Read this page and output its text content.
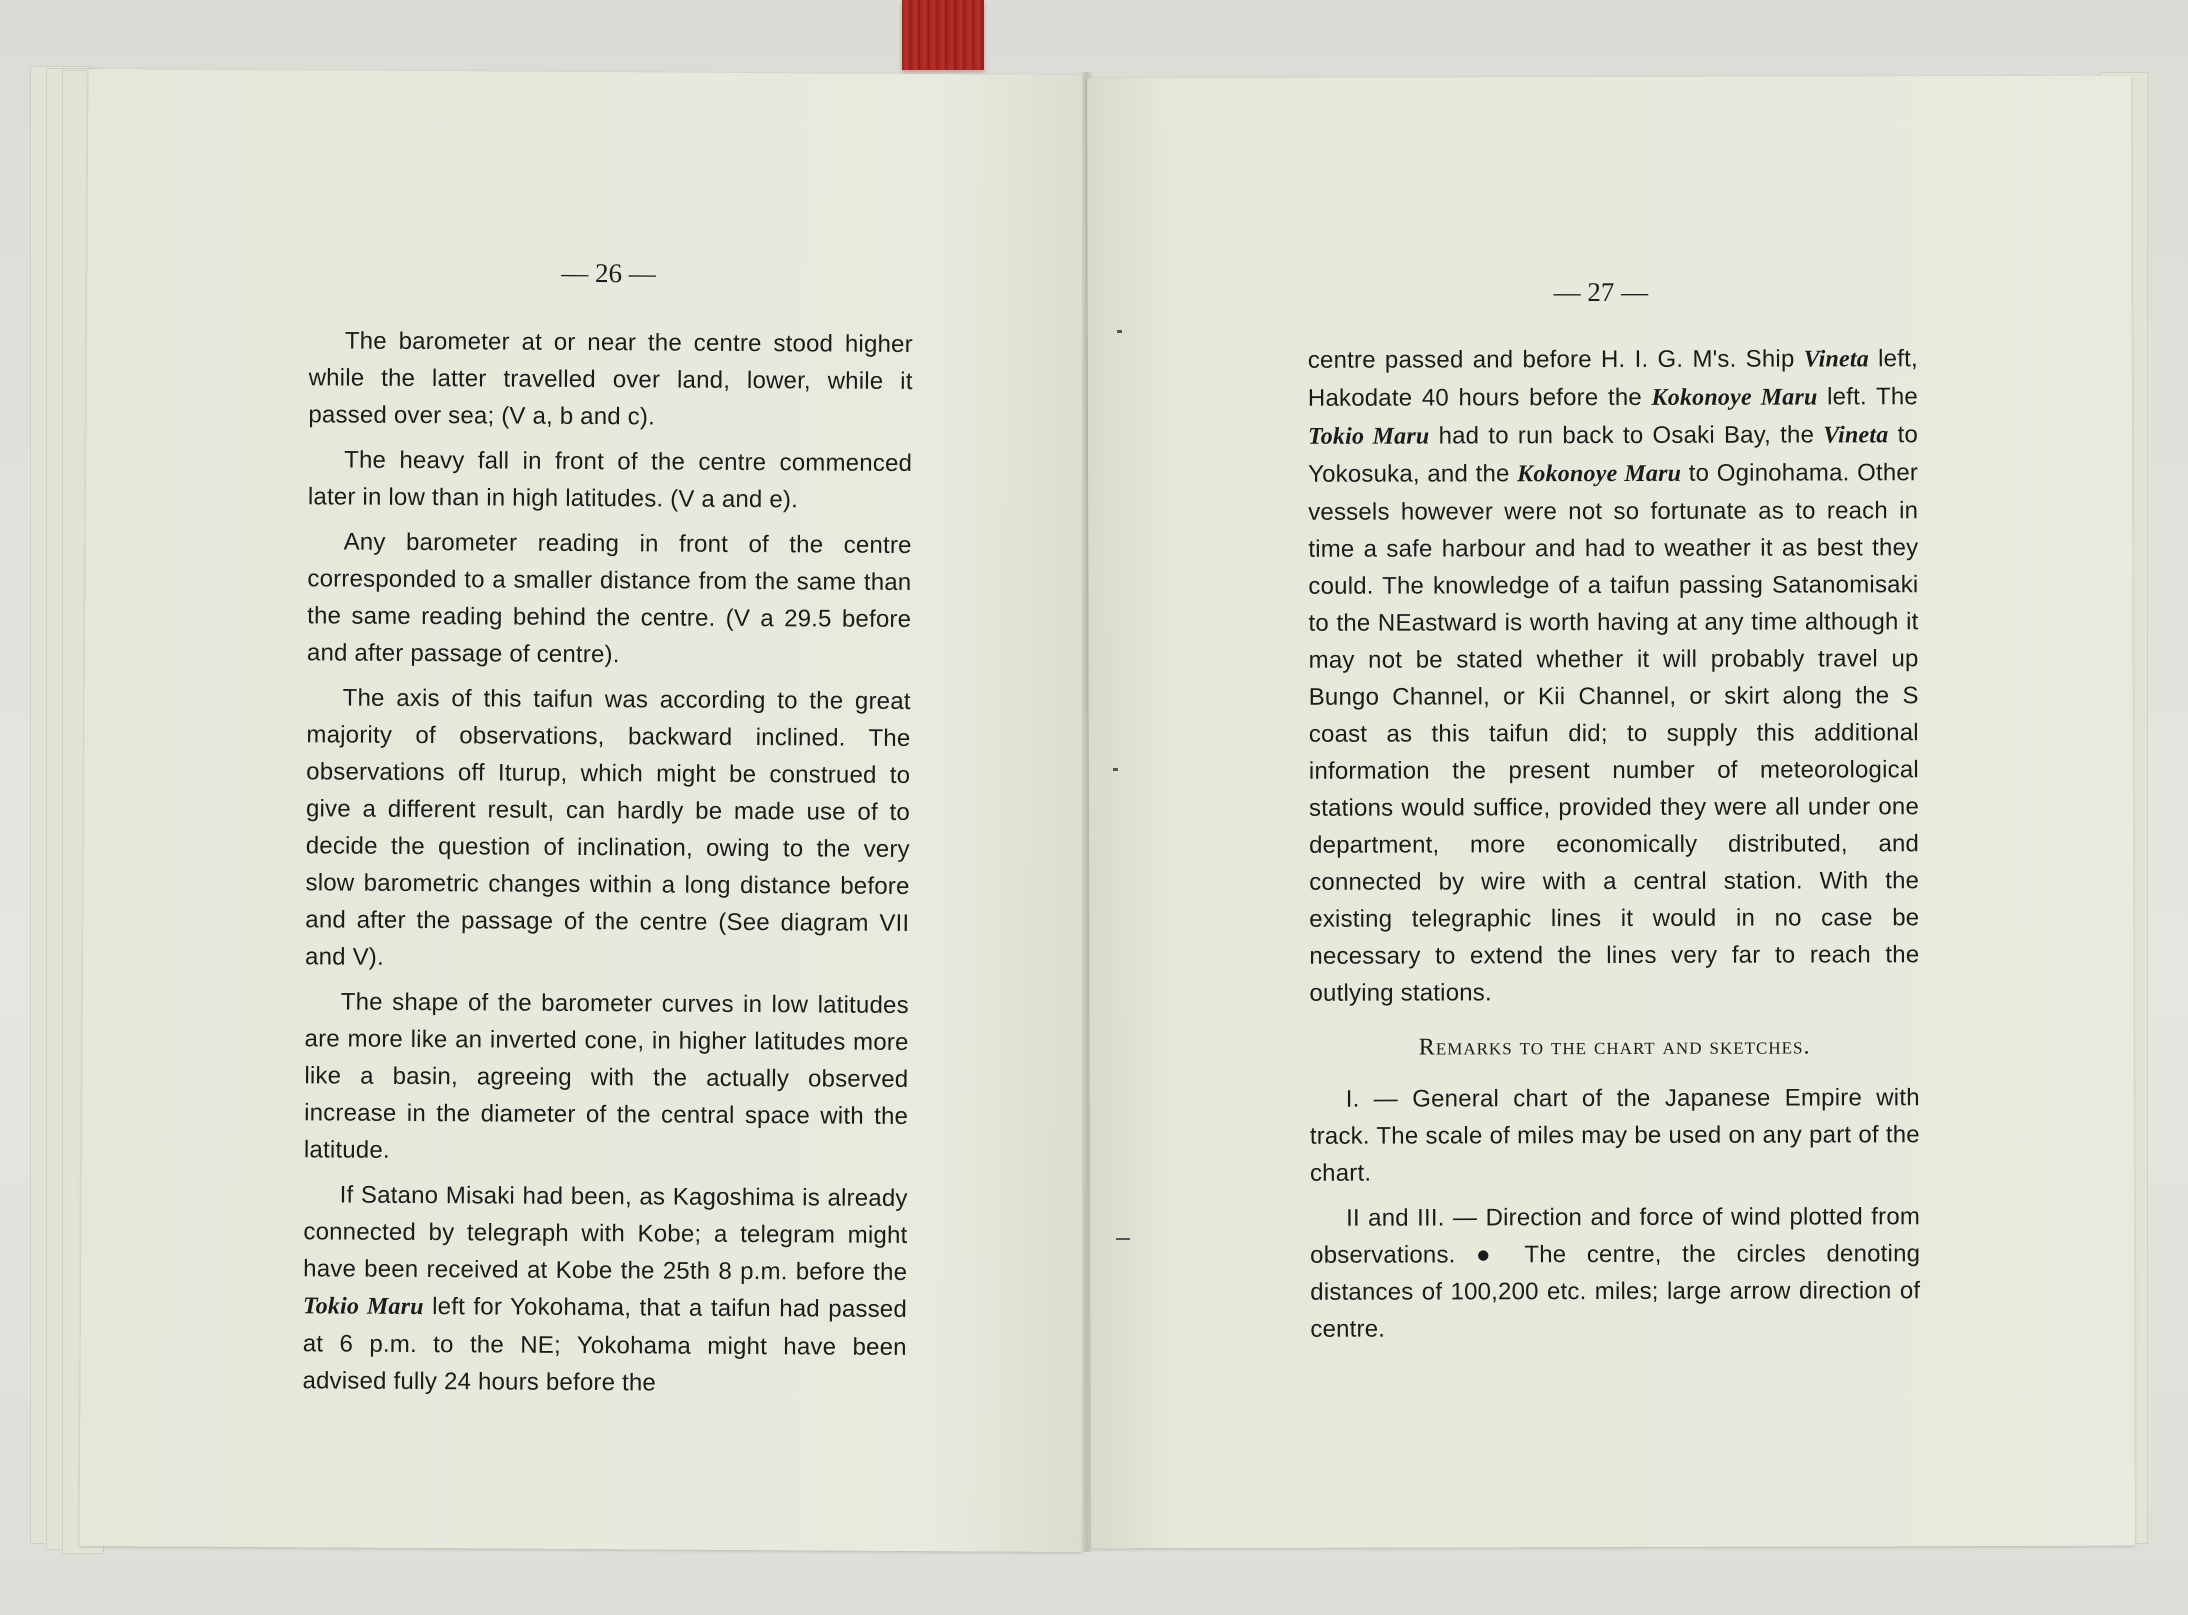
— 26 —

The barometer at or near the centre stood higher while the latter travelled over land, lower, while it passed over sea; (V a, b and c).

The heavy fall in front of the centre commenced later in low than in high latitudes. (V a and e).

Any barometer reading in front of the centre corresponded to a smaller distance from the same than the same reading behind the centre. (V a 29.5 before and after passage of centre).

The axis of this taifun was according to the great majority of observations, backward inclined. The observations off Iturup, which might be construed to give a different result, can hardly be made use of to decide the question of inclination, owing to the very slow barometric changes within a long distance before and after the passage of the centre (See diagram VII and V).

The shape of the barometer curves in low latitudes are more like an inverted cone, in higher latitudes more like a basin, agreeing with the actually observed increase in the diameter of the central space with the latitude.

If Satano Misaki had been, as Kagoshima is already connected by telegraph with Kobe; a telegram might have been received at Kobe the 25th 8 p.m. before the Tokio Maru left for Yokohama, that a taifun had passed at 6 p.m. to the NE; Yokohama might have been advised fully 24 hours before the

— 27 —

centre passed and before H. I. G. M's. Ship Vineta left, Hakodate 40 hours before the Kokonoye Maru left. The Tokio Maru had to run back to Osaki Bay, the Vineta to Yokosuka, and the Kokonoye Maru to Oginohama. Other vessels however were not so fortunate as to reach in time a safe harbour and had to weather it as best they could. The knowledge of a taifun passing Satanomisaki to the NEastward is worth having at any time although it may not be stated whether it will probably travel up Bungo Channel, or Kii Channel, or skirt along the S coast as this taifun did; to supply this additional information the present number of meteorological stations would suffice, provided they were all under one department, more economically distributed, and connected by wire with a central station. With the existing telegraphic lines it would in no case be necessary to extend the lines very far to reach the outlying stations.

Remarks to the chart and sketches.

I. — General chart of the Japanese Empire with track. The scale of miles may be used on any part of the chart.

II and III. — Direction and force of wind plotted from observations. ● The centre, the circles denoting distances of 100,200 etc. miles; large arrow direction of centre.
